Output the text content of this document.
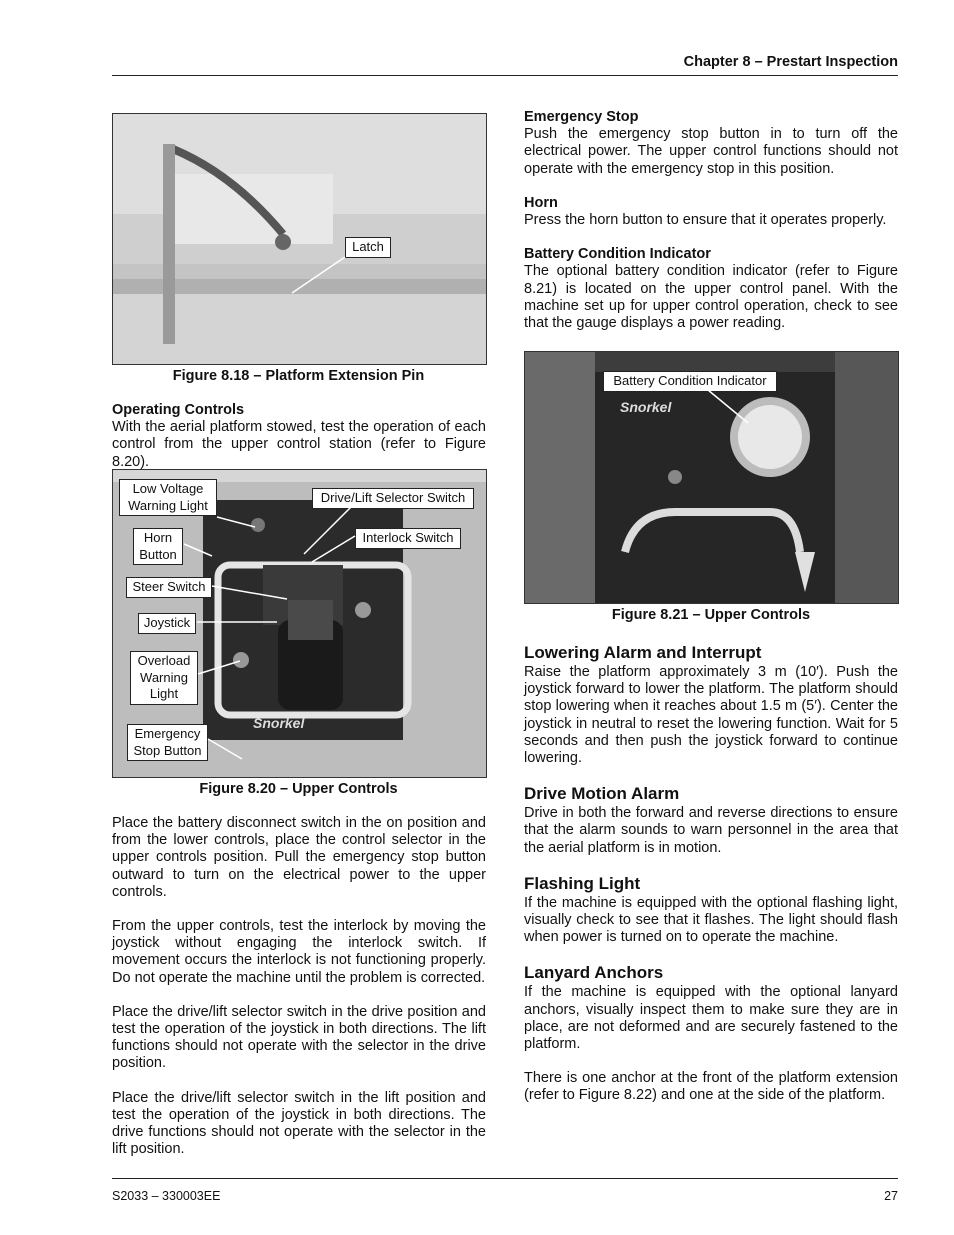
Chapter 8 – Prestart Inspection
Latch
Figure 8.18 – Platform Extension Pin
Operating Controls

With the aerial platform stowed, test the operation of each control from the upper control station (refer to Figure 8.20).

Snorkel
Low Voltage
Warning Light	Drive/Lift Selector Switch
Horn
Button
Interlock Switch
Steer Switch
Joystick
Overload
Warning
Light
Emergency
Stop Button
Figure 8.20 – Upper Controls

Place the battery disconnect switch in the on position and from the lower controls, place the control selector in the upper controls position. Pull the emergency stop button outward to turn on the electrical power to the upper controls.

From the upper controls, test the interlock by moving the joystick without engaging the interlock switch. If movement occurs the interlock is not functioning properly. Do not operate the machine until the problem is corrected.

Place the drive/lift selector switch in the drive position and test the operation of the joystick in both directions. The lift functions should not operate with the selector in the drive position.

Place the drive/lift selector switch in the lift position and test the operation of the joystick in both directions. The drive functions should not operate with the selector in the lift position.

Emergency Stop

Push the emergency stop button in to turn off the electrical power. The upper control functions should not operate with the emergency stop in this position.

Horn

Press the horn button to ensure that it operates properly.

Battery Condition Indicator

The optional battery condition indicator (refer to Figure 8.21) is located on the upper control panel. With the machine set up for upper control operation, check to see that the gauge displays a power reading.

Snorkel
Battery Condition Indicator
Figure 8.21 – Upper Controls
Lowering Alarm and Interrupt

Raise the platform approximately 3 m (10′). Push the joystick forward to lower the platform. The platform should stop lowering when it reaches about 1.5 m (5′). Center the joystick in neutral to reset the lowering function. Wait for 5 seconds and then push the joystick forward to continue lowering.

Drive Motion Alarm

Drive in both the forward and reverse directions to ensure that the alarm sounds to warn personnel in the area that the aerial platform is in motion.

Flashing Light

If the machine is equipped with the optional flashing light, visually check to see that it flashes. The light should flash when power is turned on to operate the machine.

Lanyard Anchors

If the machine is equipped with the optional lanyard anchors, visually inspect them to make sure they are in place, are not deformed and are securely fastened to the platform.

There is one anchor at the front of the platform extension (refer to Figure 8.22) and one at the side of the platform.

S2033 – 330003EE	27
